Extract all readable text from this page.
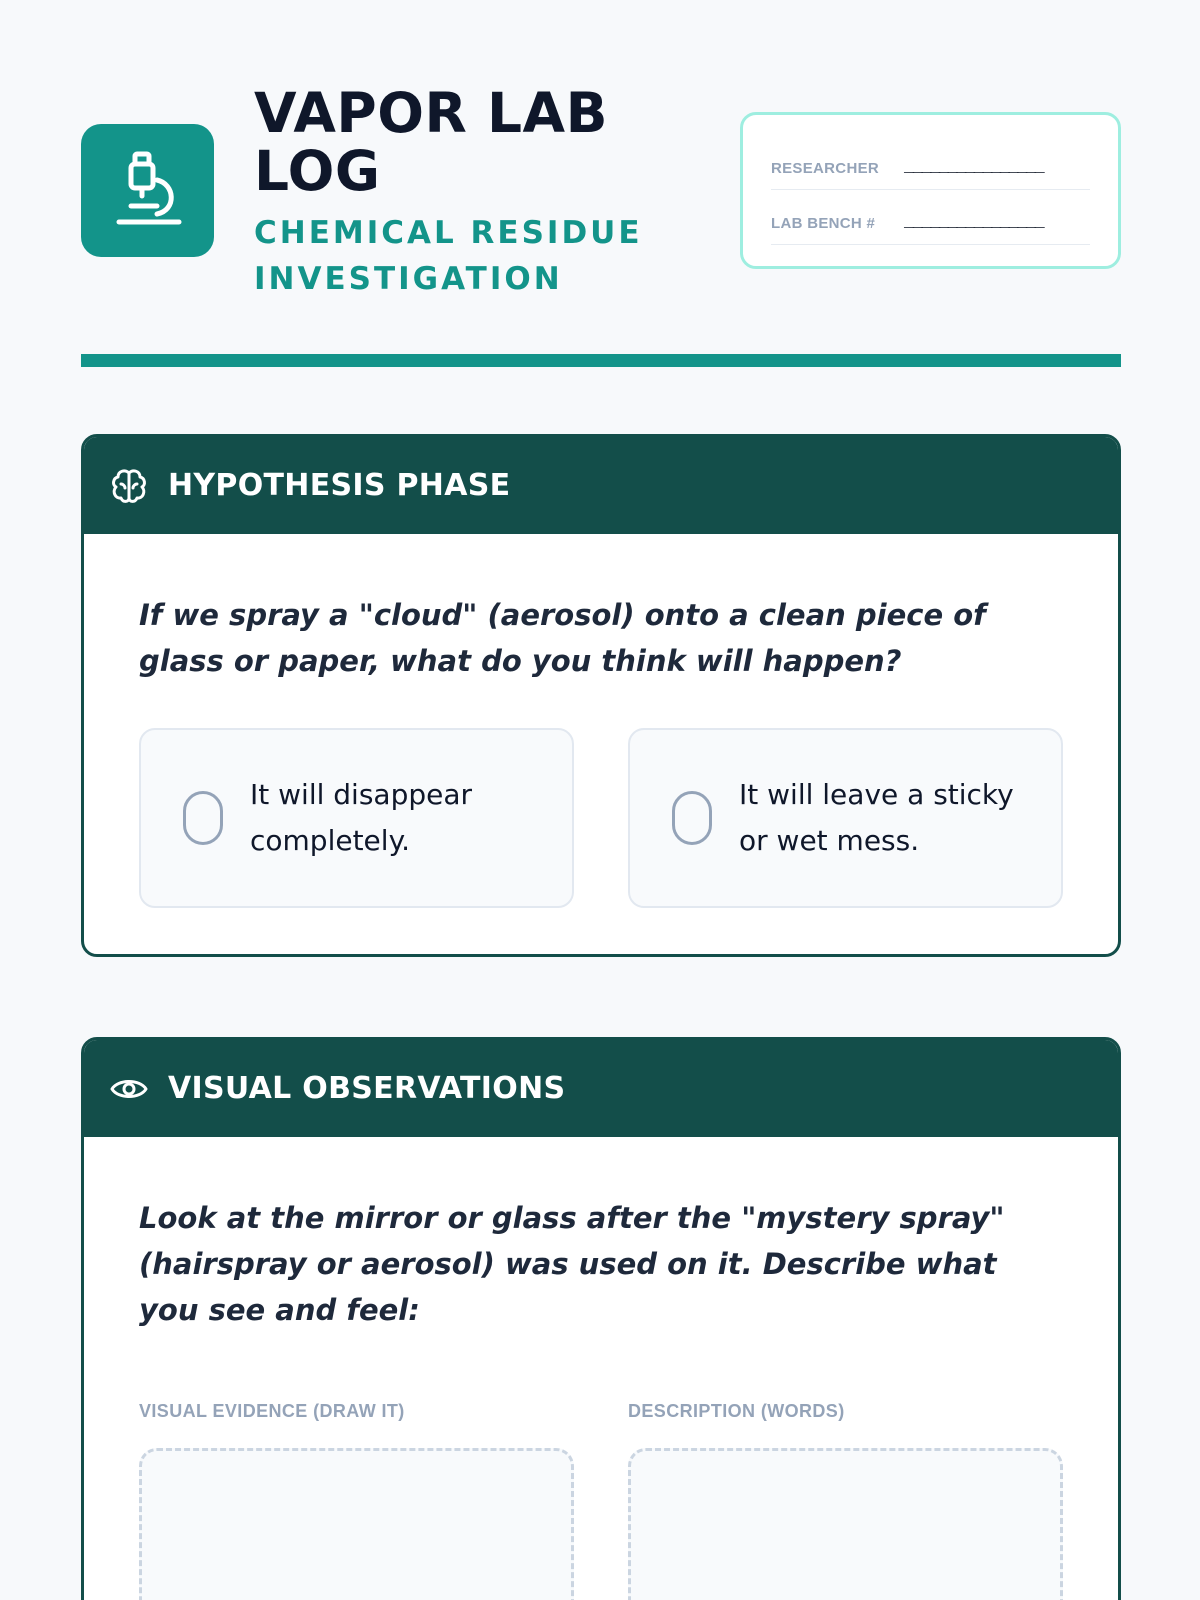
VAPOR LAB LOG
CHEMICAL RESIDUE INVESTIGATION
RESEARCHER	________________
LAB BENCH #	________________
HYPOTHESIS PHASE
If we spray a "cloud" (aerosol) onto a clean piece of glass or paper, what do you think will happen?
It will disappear completely.
It will leave a sticky or wet mess.
VISUAL OBSERVATIONS
Look at the mirror or glass after the "mystery spray" (hairspray or aerosol) was used on it. Describe what you see and feel:
VISUAL EVIDENCE (DRAW IT)	DESCRIPTION (WORDS)
